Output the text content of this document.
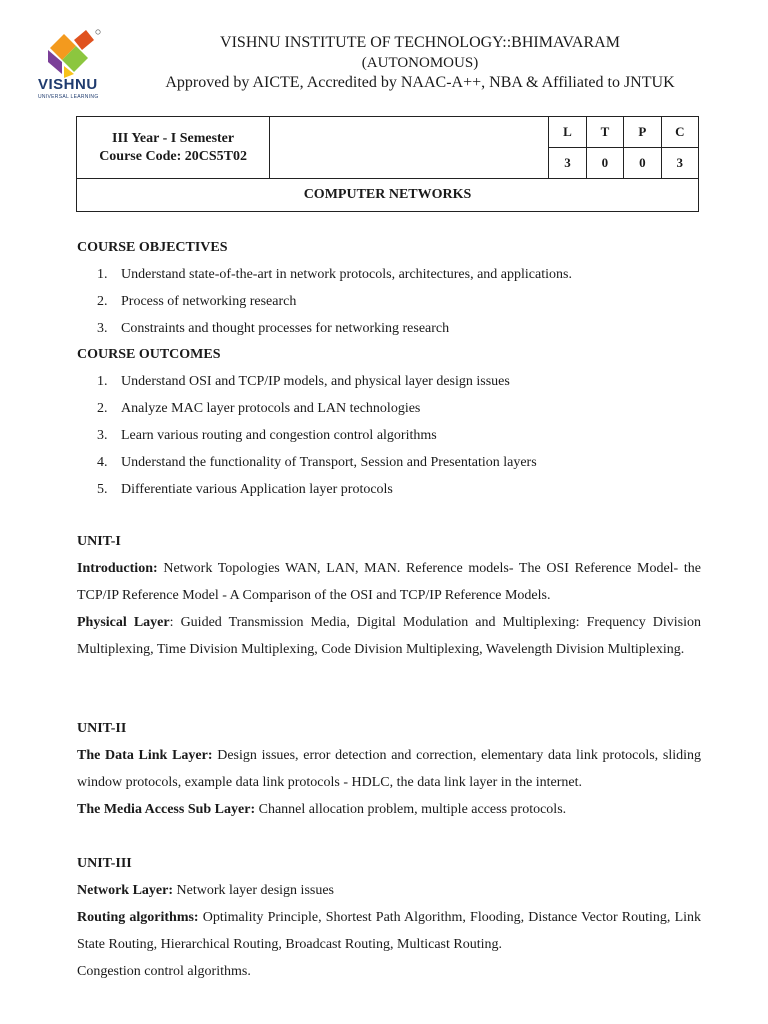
VISHNU
UNIVERSAL LEARNING
VISHNU INSTITUTE OF TECHNOLOGY::BHIMAVARAM
(AUTONOMOUS)
Approved by AICTE, Accredited by NAAC-A++, NBA & Affiliated to JNTUK
III Year - I Semester
Course Code: 20CS5T02		L	T	P	C
		3	0	0	3
COMPUTER NETWORKS					
COURSE OBJECTIVES
1. Understand state-of-the-art in network protocols, architectures, and applications.
2. Process of networking research
3. Constraints and thought processes for networking research
COURSE OUTCOMES
1. Understand OSI and TCP/IP models, and physical layer design issues
2. Analyze MAC layer protocols and LAN technologies
3. Learn various routing and congestion control algorithms
4. Understand the functionality of Transport, Session and Presentation layers
5. Differentiate various Application layer protocols
UNIT-I
Introduction: Network Topologies WAN, LAN, MAN. Reference models- The OSI Reference Model- the TCP/IP Reference Model - A Comparison of the OSI and TCP/IP Reference Models.
Physical Layer: Guided Transmission Media, Digital Modulation and Multiplexing: Frequency Division Multiplexing, Time Division Multiplexing, Code Division Multiplexing, Wavelength Division Multiplexing.
UNIT-II
The Data Link Layer: Design issues, error detection and correction, elementary data link protocols, sliding window protocols, example data link protocols - HDLC, the data link layer in the internet.
The Media Access Sub Layer: Channel allocation problem, multiple access protocols.
UNIT-III
Network Layer: Network layer design issues
Routing algorithms: Optimality Principle, Shortest Path Algorithm, Flooding, Distance Vector Routing, Link State Routing, Hierarchical Routing, Broadcast Routing, Multicast Routing.
Congestion control algorithms.
